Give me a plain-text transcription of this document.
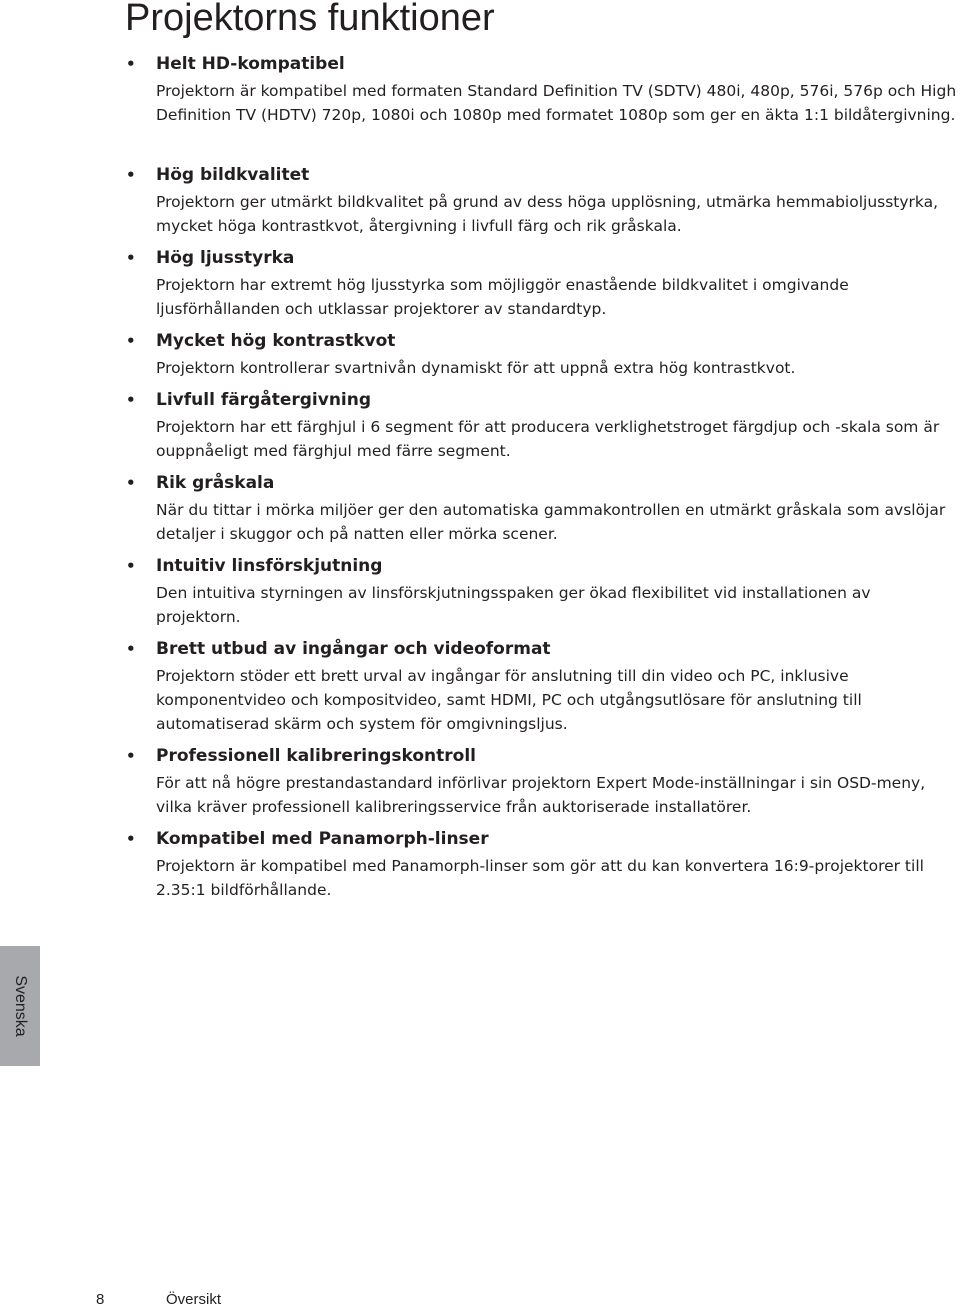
Projektorns funktioner
•	Helt HD-kompatibel

Projektorn är kompatibel med formaten Standard Definition TV (SDTV) 480i, 480p, 576i, 576p och High Definition TV (HDTV) 720p, 1080i och 1080p med formatet 1080p som ger en äkta 1:1 bildåtergivning.

•	Hög bildkvalitet

Projektorn ger utmärkt bildkvalitet på grund av dess höga upplösning, utmärka hemmabioljusstyrka, mycket höga kontrastkvot, återgivning i livfull färg och rik gråskala.

•	Hög ljusstyrka

Projektorn har extremt hög ljusstyrka som möjliggör enastående bildkvalitet i omgivande ljusförhållanden och utklassar projektorer av standardtyp.

•	Mycket hög kontrastkvot

Projektorn kontrollerar svartnivån dynamiskt för att uppnå extra hög kontrastkvot.

•	Livfull färgåtergivning

Projektorn har ett färghjul i 6 segment för att producera verklighetstroget färgdjup och -skala som är ouppnåeligt med färghjul med färre segment.

•	Rik gråskala

När du tittar i mörka miljöer ger den automatiska gammakontrollen en utmärkt gråskala som avslöjar detaljer i skuggor och på natten eller mörka scener.

•	Intuitiv linsförskjutning

Den intuitiva styrningen av linsförskjutningsspaken ger ökad flexibilitet vid installationen av projektorn.

•	Brett utbud av ingångar och videoformat

Projektorn stöder ett brett urval av ingångar för anslutning till din video och PC, inklusive komponentvideo och kompositvideo, samt HDMI, PC och utgångsutlösare för anslutning till automatiserad skärm och system för omgivningsljus.

•	Professionell kalibreringskontroll

För att nå högre prestandastandard införlivar projektorn Expert Mode-inställningar i sin OSD-meny, vilka kräver professionell kalibreringsservice från auktoriserade installatörer.

•	Kompatibel med Panamorph-linser

Projektorn är kompatibel med Panamorph-linser som gör att du kan konvertera 16:9-projektorer till 2.35:1 bildförhållande.

Svenska
8	Översikt
